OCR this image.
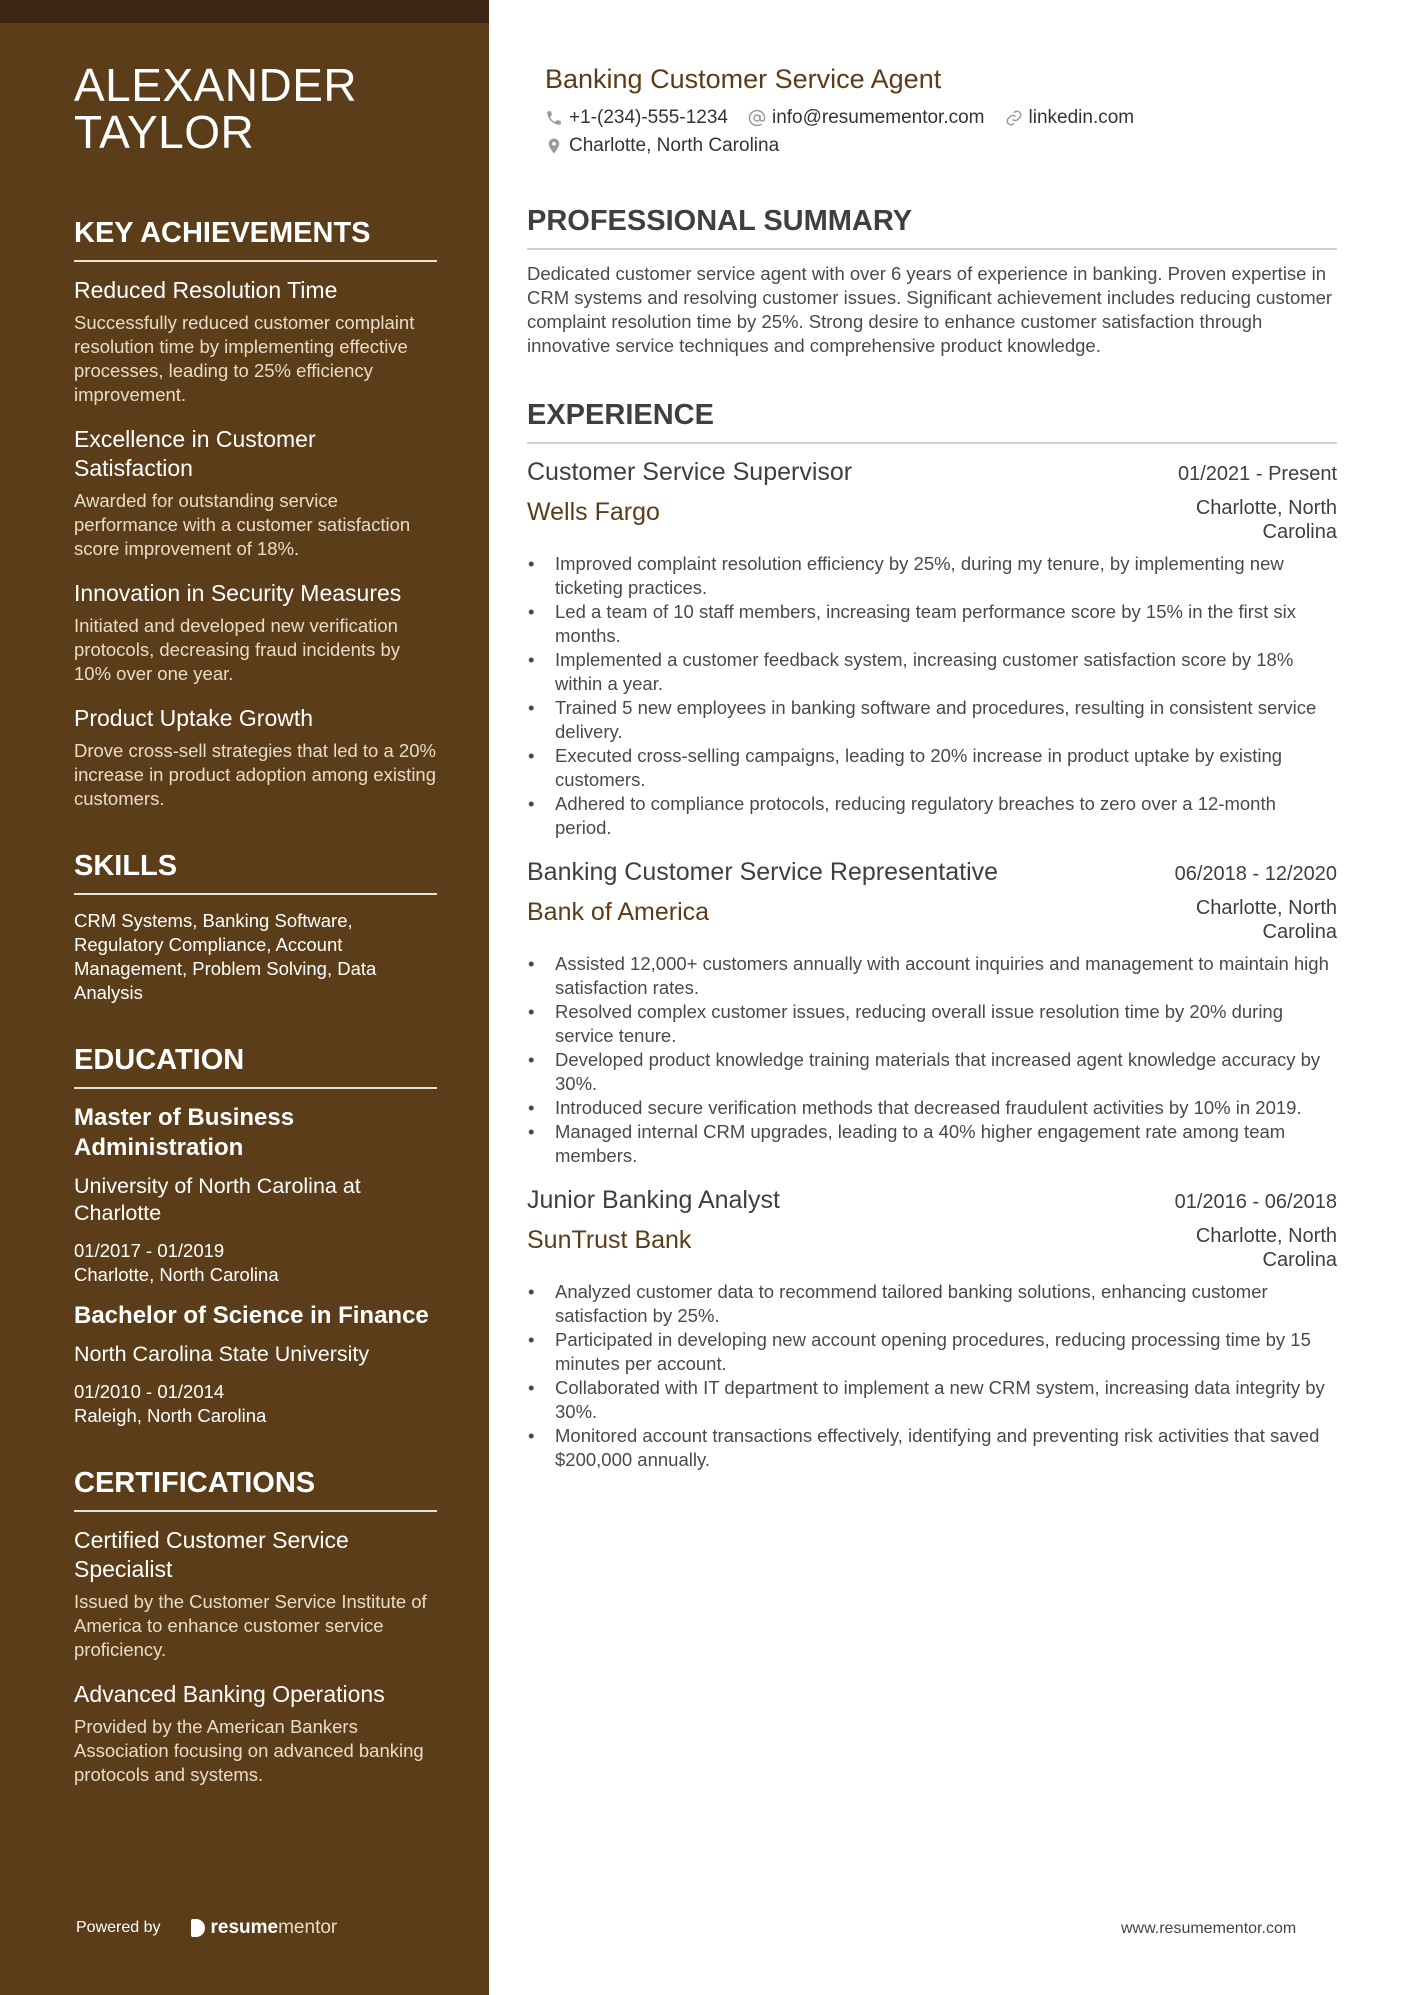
ALEXANDER
TAYLOR
KEY ACHIEVEMENTS
Reduced Resolution Time
Successfully reduced customer complaint resolution time by implementing effective processes, leading to 25% efficiency improvement.
Excellence in Customer Satisfaction
Awarded for outstanding service performance with a customer satisfaction score improvement of 18%.
Innovation in Security Measures
Initiated and developed new verification protocols, decreasing fraud incidents by 10% over one year.
Product Uptake Growth
Drove cross-sell strategies that led to a 20% increase in product adoption among existing customers.
SKILLS
CRM Systems, Banking Software, Regulatory Compliance, Account Management, Problem Solving, Data Analysis
EDUCATION
Master of Business Administration
University of North Carolina at Charlotte
01/2017 - 01/2019
Charlotte, North Carolina
Bachelor of Science in Finance
North Carolina State University
01/2010 - 01/2014
Raleigh, North Carolina
CERTIFICATIONS
Certified Customer Service Specialist
Issued by the Customer Service Institute of America to enhance customer service proficiency.
Advanced Banking Operations
Provided by the American Bankers Association focusing on advanced banking protocols and systems.
Powered by	resume mentor
Banking Customer Service Agent
+1-(234)-555-1234 info@resumementor.com linkedin.com
Charlotte, North Carolina
PROFESSIONAL SUMMARY
Dedicated customer service agent with over 6 years of experience in banking. Proven expertise in CRM systems and resolving customer issues. Significant achievement includes reducing customer complaint resolution time by 25%. Strong desire to enhance customer satisfaction through innovative service techniques and comprehensive product knowledge.
EXPERIENCE
Customer Service Supervisor	01/2021 - Present
Wells Fargo	Charlotte, North Carolina
• Improved complaint resolution efficiency by 25%, during my tenure, by implementing new ticketing practices.
• Led a team of 10 staff members, increasing team performance score by 15% in the first six months.
• Implemented a customer feedback system, increasing customer satisfaction score by 18% within a year.
• Trained 5 new employees in banking software and procedures, resulting in consistent service delivery.
• Executed cross-selling campaigns, leading to 20% increase in product uptake by existing customers.
• Adhered to compliance protocols, reducing regulatory breaches to zero over a 12-month period.
Banking Customer Service Representative	06/2018 - 12/2020
Bank of America	Charlotte, North Carolina
• Assisted 12,000+ customers annually with account inquiries and management to maintain high satisfaction rates.
• Resolved complex customer issues, reducing overall issue resolution time by 20% during service tenure.
• Developed product knowledge training materials that increased agent knowledge accuracy by 30%.
• Introduced secure verification methods that decreased fraudulent activities by 10% in 2019.
• Managed internal CRM upgrades, leading to a 40% higher engagement rate among team members.
Junior Banking Analyst	01/2016 - 06/2018
SunTrust Bank	Charlotte, North Carolina
• Analyzed customer data to recommend tailored banking solutions, enhancing customer satisfaction by 25%.
• Participated in developing new account opening procedures, reducing processing time by 15 minutes per account.
• Collaborated with IT department to implement a new CRM system, increasing data integrity by 30%.
• Monitored account transactions effectively, identifying and preventing risk activities that saved $200,000 annually.
www.resumementor.com
